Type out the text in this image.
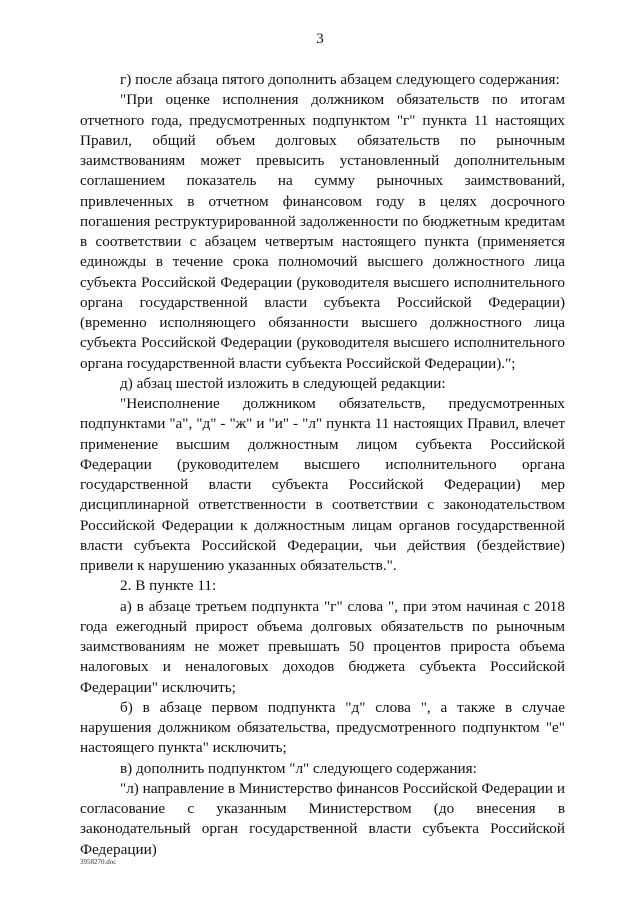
3

г) после абзаца пятого дополнить абзацем следующего содержания:

"При оценке исполнения должником обязательств по итогам отчетного года, предусмотренных подпунктом "г" пункта 11 настоящих Правил, общий объем долговых обязательств по рыночным заимствованиям может превысить установленный дополнительным соглашением показатель на сумму рыночных заимствований, привлеченных в отчетном финансовом году в целях досрочного погашения реструктурированной задолженности по бюджетным кредитам в соответствии с абзацем четвертым настоящего пункта (применяется единожды в течение срока полномочий высшего должностного лица субъекта Российской Федерации (руководителя высшего исполнительного органа государственной власти субъекта Российской Федерации) (временно исполняющего обязанности высшего должностного лица субъекта Российской Федерации (руководителя высшего исполнительного органа государственной власти субъекта Российской Федерации).";

д) абзац шестой изложить в следующей редакции:

"Неисполнение должником обязательств, предусмотренных подпунктами "а", "д" - "ж" и "и" - "л" пункта 11 настоящих Правил, влечет применение высшим должностным лицом субъекта Российской Федерации (руководителем высшего исполнительного органа государственной власти субъекта Российской Федерации) мер дисциплинарной ответственности в соответствии с законодательством Российской Федерации к должностным лицам органов государственной власти субъекта Российской Федерации, чьи действия (бездействие) привели к нарушению указанных обязательств.".

2. В пункте 11:

а) в абзаце третьем подпункта "г" слова ", при этом начиная с 2018 года ежегодный прирост объема долговых обязательств по рыночным заимствованиям не может превышать 50 процентов прироста объема налоговых и неналоговых доходов бюджета субъекта Российской Федерации" исключить;

б) в абзаце первом подпункта "д" слова ", а также в случае нарушения должником обязательства, предусмотренного подпунктом "е" настоящего пункта" исключить;

в) дополнить подпунктом "л" следующего содержания:

"л) направление в Министерство финансов Российской Федерации и согласование с указанным Министерством (до внесения в законодательный орган государственной власти субъекта Российской Федерации)

3958270.doc
